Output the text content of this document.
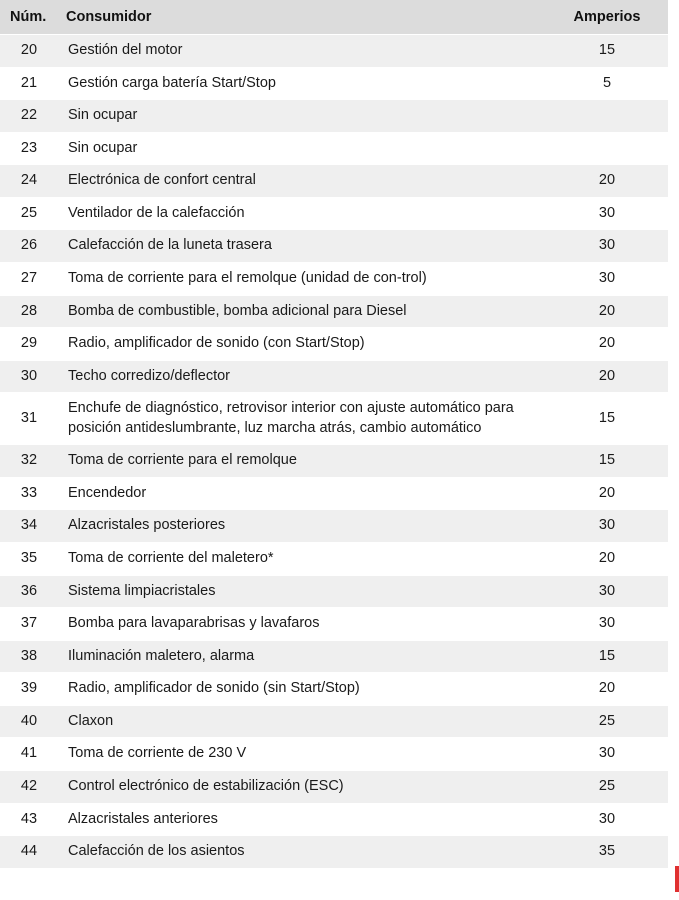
Núm.	Consumidor	Amperios
20	Gestión del motor	15
21	Gestión carga batería Start/Stop	5
22	Sin ocupar	
23	Sin ocupar	
24	Electrónica de confort central	20
25	Ventilador de la calefacción	30
26	Calefacción de la luneta trasera	30
27	Toma de corriente para el remolque (unidad de con-trol)	30
28	Bomba de combustible, bomba adicional para Diesel	20
29	Radio, amplificador de sonido (con Start/Stop)	20
30	Techo corredizo/deflector	20
31	Enchufe de diagnóstico, retrovisor interior con ajuste automático para posición antideslumbrante, luz marcha atrás, cambio automático	15
32	Toma de corriente para el remolque	15
33	Encendedor	20
34	Alzacristales posteriores	30
35	Toma de corriente del maletero*	20
36	Sistema limpiacristales	30
37	Bomba para lavaparabrisas y lavafaros	30
38	Iluminación maletero, alarma	15
39	Radio, amplificador de sonido (sin Start/Stop)	20
40	Claxon	25
41	Toma de corriente de 230 V	30
42	Control electrónico de estabilización (ESC)	25
43	Alzacristales anteriores	30
44	Calefacción de los asientos	35
